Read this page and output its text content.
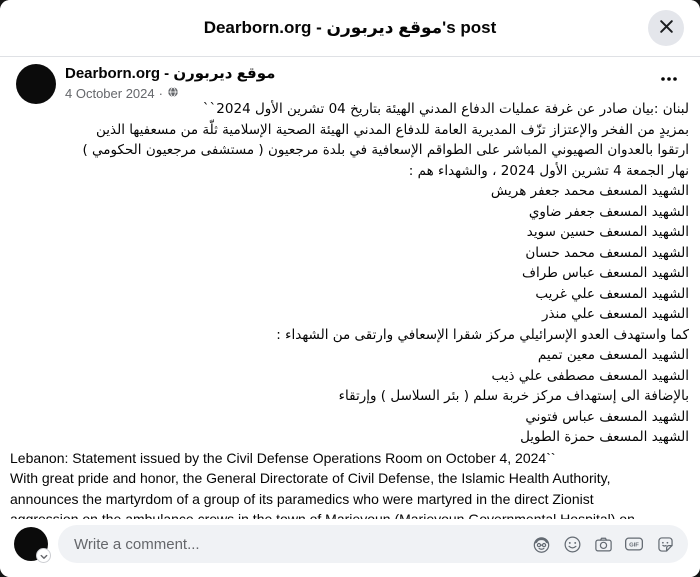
Dearborn.org - موقع ديربورن's post
Dearborn.org - موقع ديربورن
4 October 2024 ·
لبنان :بيان صادر عن غرفة عمليات الدفاع المدني الهيئة بتاريخ 04 تشرين الأول 2024``
بمزيدٍ من الفخر والإعتزاز تزّف المديرية العامة للدفاع المدني الهيئة الصحية الإسلامية ثلّة من مسعفيها الذين
ارتقوا بالعدوان الصهيوني المباشر على الطواقم الإسعافية في بلدة مرجعيون ( مستشفى مرجعيون الحكومي )
نهار الجمعة 4 تشرين الأول 2024 ، والشهداء هم :
الشهيد المسعف محمد جعفر هريش
الشهيد المسعف جعفر ضاوي
الشهيد المسعف حسين سويد
الشهيد المسعف محمد حسان
الشهيد المسعف عباس طراف
الشهيد المسعف علي غريب
الشهيد المسعف علي منذر
كما واستهدف العدو الإسرائيلي مركز شقرا الإسعافي وارتقى من الشهداء :
الشهيد المسعف معين تميم
الشهيد المسعف مصطفى علي ذيب
بالإضافة الى إستهداف مركز خربة سلم ( بئر السلاسل ) وإرتقاء
الشهيد المسعف عباس فتوني
الشهيد المسعف حمزة الطويل
Lebanon: Statement issued by the Civil Defense Operations Room on October 4, 2024``
With great pride and honor, the General Directorate of Civil Defense, the Islamic Health Authority,
announces the martyrdom of a group of its paramedics who were martyred in the direct Zionist
Write a comment...
GIF
